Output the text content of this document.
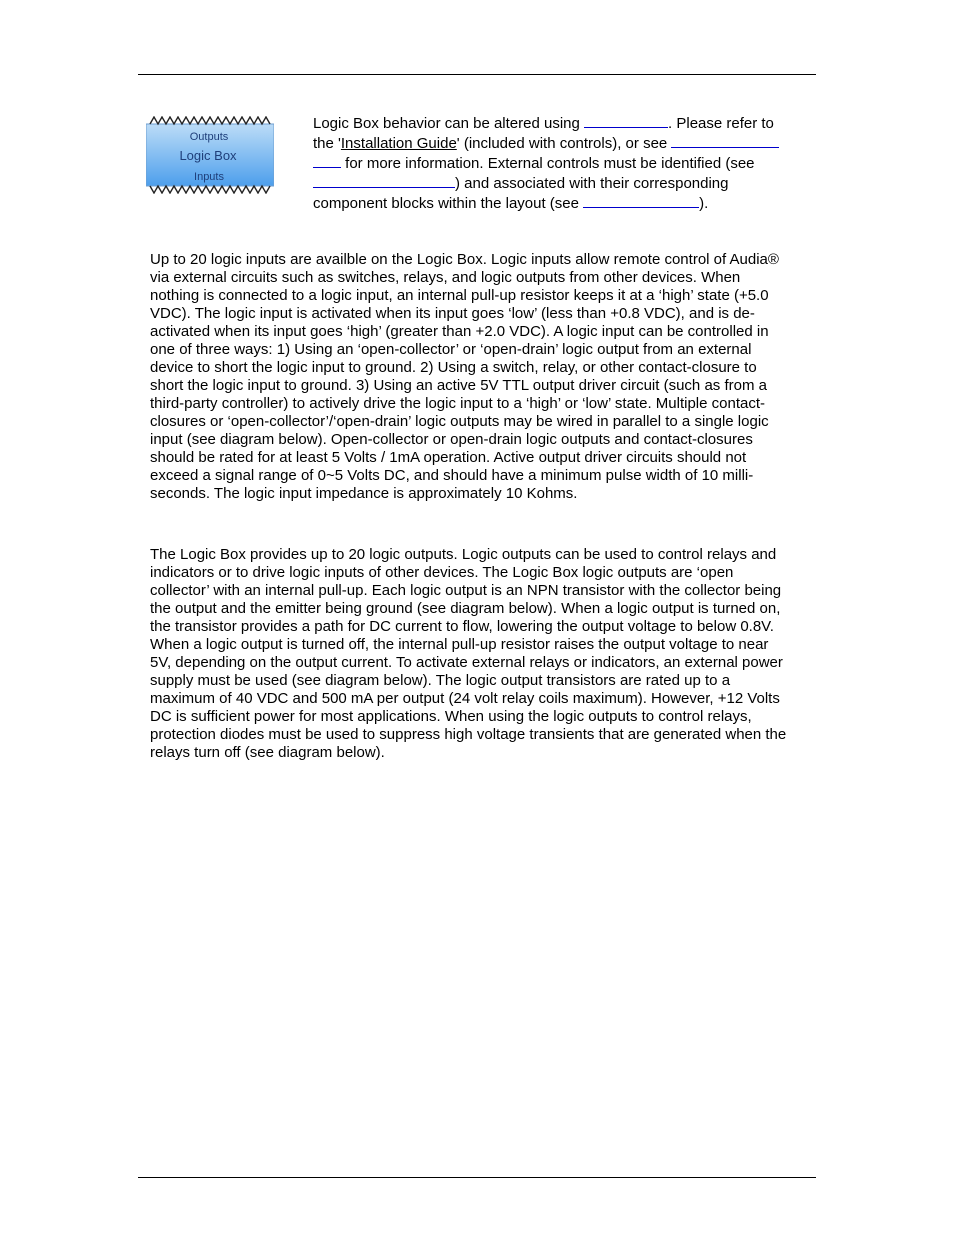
Outputs
Logic Box
Inputs
Logic Box behavior can be altered using	. Please refer to
the 'Installation Guide' (included with controls), or see
for more information. External controls must be identified (see
) and associated with their corresponding
component blocks within the layout (see	).
Up to 20 logic inputs are availble on the Logic Box. Logic inputs allow remote control of Audia®
via external circuits such as switches, relays, and logic outputs from other devices. When
nothing is connected to a logic input, an internal pull-up resistor keeps it at a ‘high’ state (+5.0
VDC). The logic input is activated when its input goes ‘low’ (less than +0.8 VDC), and is de-
activated when its input goes ‘high’ (greater than +2.0 VDC). A logic input can be controlled in
one of three ways: 1) Using an ‘open-collector’ or ‘open-drain’ logic output from an external
device to short the logic input to ground. 2) Using a switch, relay, or other contact-closure to
short the logic input to ground. 3) Using an active 5V TTL output driver circuit (such as from a
third-party controller) to actively drive the logic input to a ‘high’ or ‘low’ state. Multiple contact-
closures or ‘open-collector’/‘open-drain’ logic outputs may be wired in parallel to a single logic
input (see diagram below). Open-collector or open-drain logic outputs and contact-closures
should be rated for at least 5 Volts / 1mA operation. Active output driver circuits should not
exceed a signal range of 0~5 Volts DC, and should have a minimum pulse width of 10 milli-
seconds. The logic input impedance is approximately 10 Kohms.
The Logic Box provides up to 20 logic outputs. Logic outputs can be used to control relays and
indicators or to drive logic inputs of other devices. The Logic Box logic outputs are ‘open
collector’ with an internal pull-up. Each logic output is an NPN transistor with the collector being
the output and the emitter being ground (see diagram below). When a logic output is turned on,
the transistor provides a path for DC current to flow, lowering the output voltage to below 0.8V.
When a logic output is turned off, the internal pull-up resistor raises the output voltage to near
5V, depending on the output current. To activate external relays or indicators, an external power
supply must be used (see diagram below). The logic output transistors are rated up to a
maximum of 40 VDC and 500 mA per output (24 volt relay coils maximum). However, +12 Volts
DC is sufficient power for most applications. When using the logic outputs to control relays,
protection diodes must be used to suppress high voltage transients that are generated when the
relays turn off (see diagram below).
